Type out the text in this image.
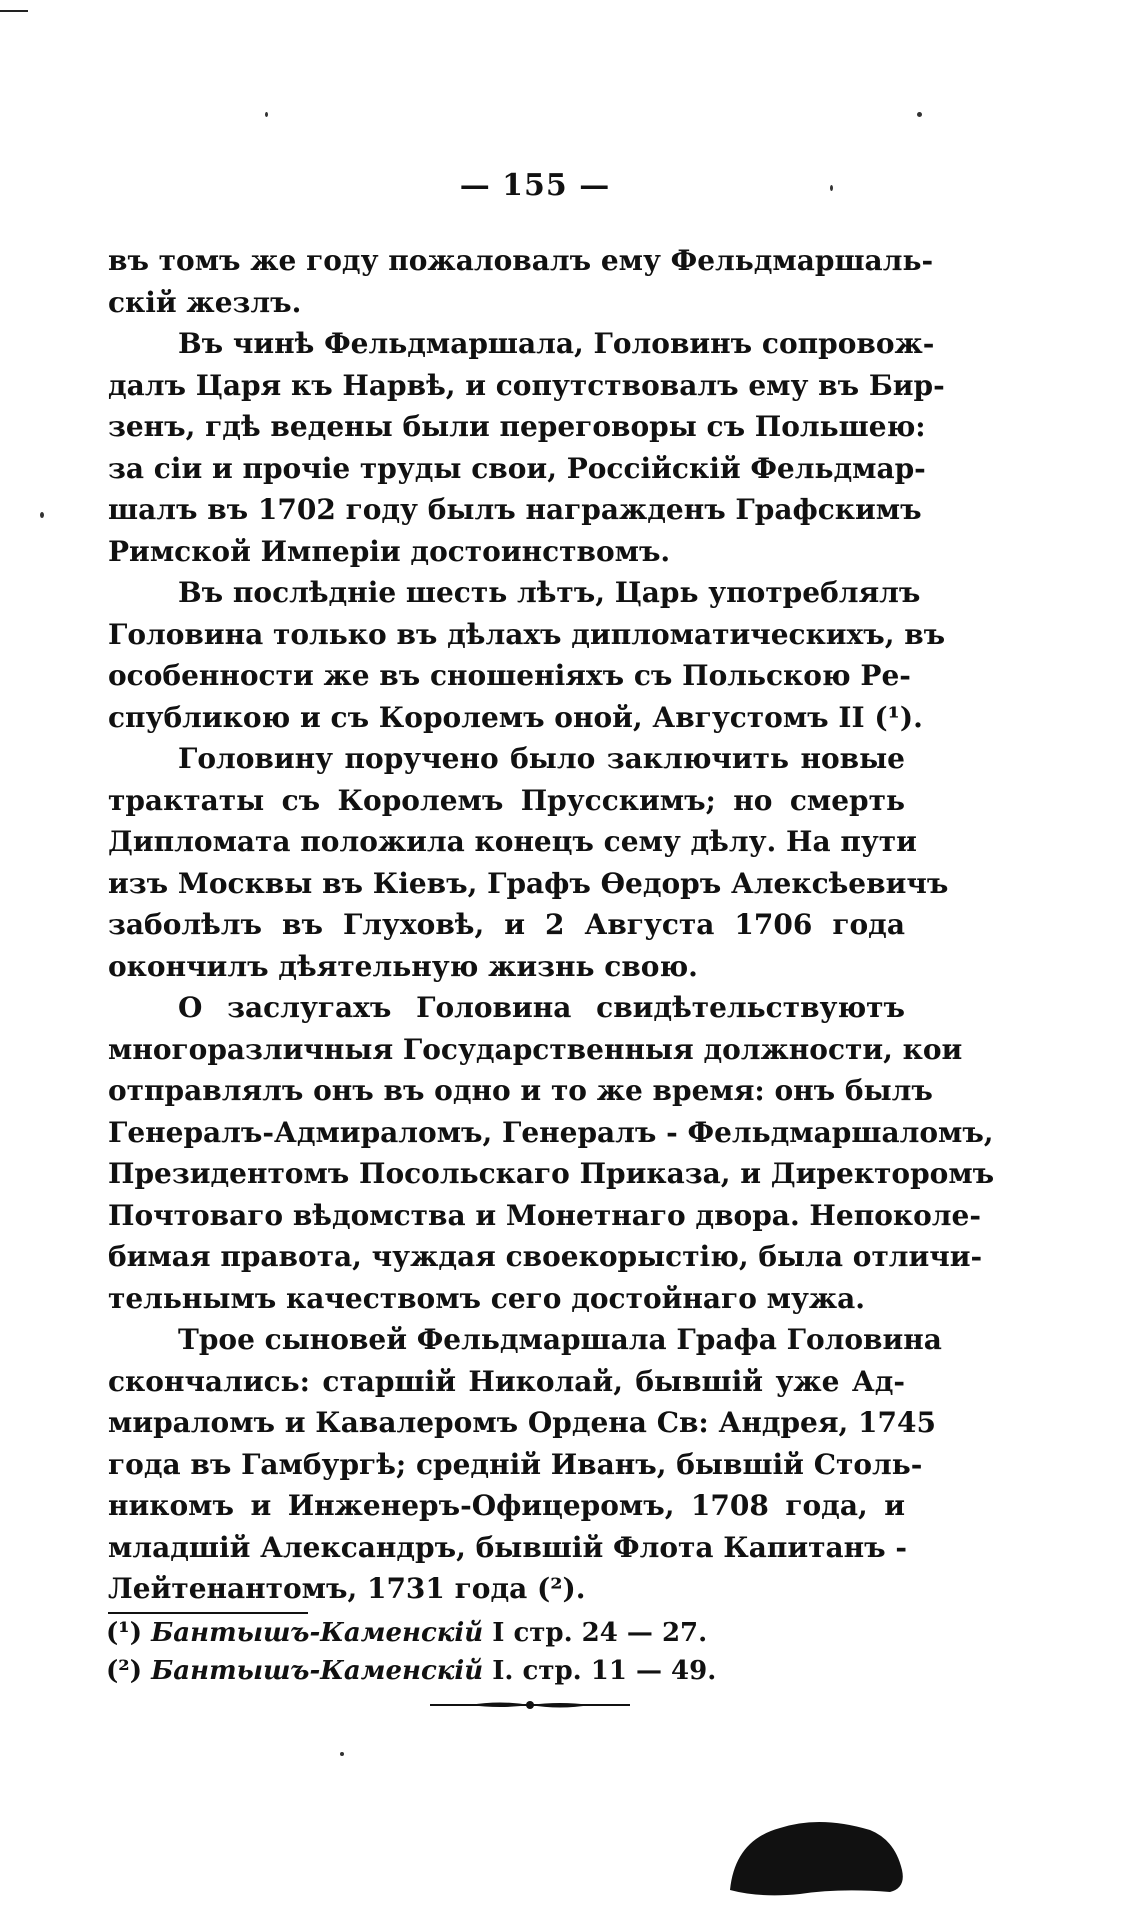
— 155 —
въ томъ же году пожаловалъ ему Фельдмаршаль-
скій жезлъ.
Въ чинѣ Фельдмаршала, Головинъ сопровож-
далъ Царя къ Нарвѣ, и сопутствовалъ ему въ Бир-
зенъ, гдѣ ведены были переговоры съ Польшею:
за сіи и прочіе труды свои, Россійскій Фельдмар-
шалъ въ 1702 году былъ награжденъ Графскимъ
Римской Имперіи достоинствомъ.
Въ послѣдніе шесть лѣтъ, Царь употреблялъ
Головина только въ дѣлахъ дипломатическихъ, въ
особенности же въ сношеніяхъ съ Польскою Ре-
спубликою и съ Королемъ оной, Августомъ II (¹).
Головину поручено было заключить новые
трактаты съ Королемъ Прусскимъ; но смерть
Дипломата положила конецъ сему дѣлу. На пути
изъ Москвы въ Кіевъ, Графъ Ѳедоръ Алексѣевичъ
заболѣлъ въ Глуховѣ, и 2 Августа 1706 года
окончилъ дѣятельную жизнь свою.
О заслугахъ Головина свидѣтельствуютъ
многоразличныя Государственныя должности, кои
отправлялъ онъ въ одно и то же время: онъ былъ
Генералъ-Адмираломъ, Генералъ - Фельдмаршаломъ,
Президентомъ Посольскаго Приказа, и Директоромъ
Почтоваго вѣдомства и Монетнаго двора. Непоколе-
бимая правота, чуждая своекорыстію, была отличи-
тельнымъ качествомъ сего достойнаго мужа.
Трое сыновей Фельдмаршала Графа Головина
скончались: старшій Николай, бывшій уже Ад-
мираломъ и Кавалеромъ Ордена Св: Андрея, 1745
года въ Гамбургѣ; средній Иванъ, бывшій Столь-
никомъ и Инженеръ-Офицеромъ, 1708 года, и
младшій Александръ, бывшій Флота Капитанъ -
Лейтенантомъ, 1731 года (²).
(¹) Бантышъ-Каменскій I стр. 24 — 27.
(²) Бантышъ-Каменскій I. стр. 11 — 49.
